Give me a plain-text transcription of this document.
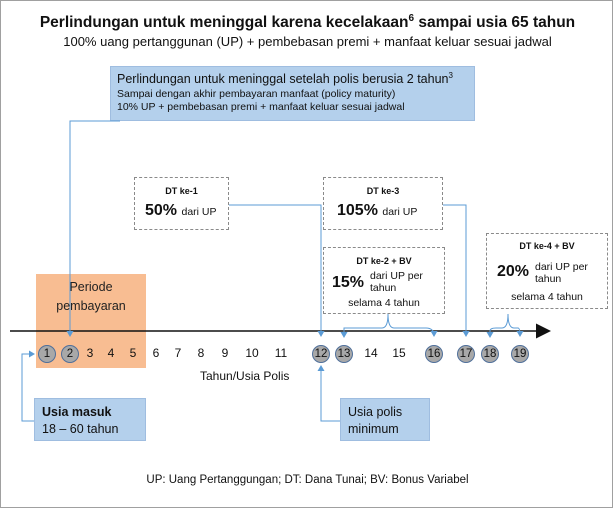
Perlindungan untuk meninggal karena kecelakaan$^6$ sampai usia 65 tahun
100% uang pertanggunan (UP) + pembebasan premi + manfaat keluar sesuai jadwal
Perlindungan untuk meninggal setelah polis berusia 2 tahun$^3$
Sampai dengan akhir pembayaran manfaat (policy maturity)
10% UP + pembebasan premi + manfaat keluar sesuai jadwal
Periode
pembayaran
DT ke-1
50% dari UP
DT ke-3
105% dari UP
DT ke-2 + BV
15% dari UP per
tahun
selama 4 tahun
DT ke-4 + BV
20% dari UP per
tahun
selama 4 tahun
1	2	3	4	5	6	7	8	9	10	11	12 13	14	15	16 17 18 19
Tahun/Usia Polis
Usia masuk
18 – 60 tahun
Usia polis
minimum
UP: Uang Pertanggungan; DT: Dana Tunai; BV: Bonus Variabel
